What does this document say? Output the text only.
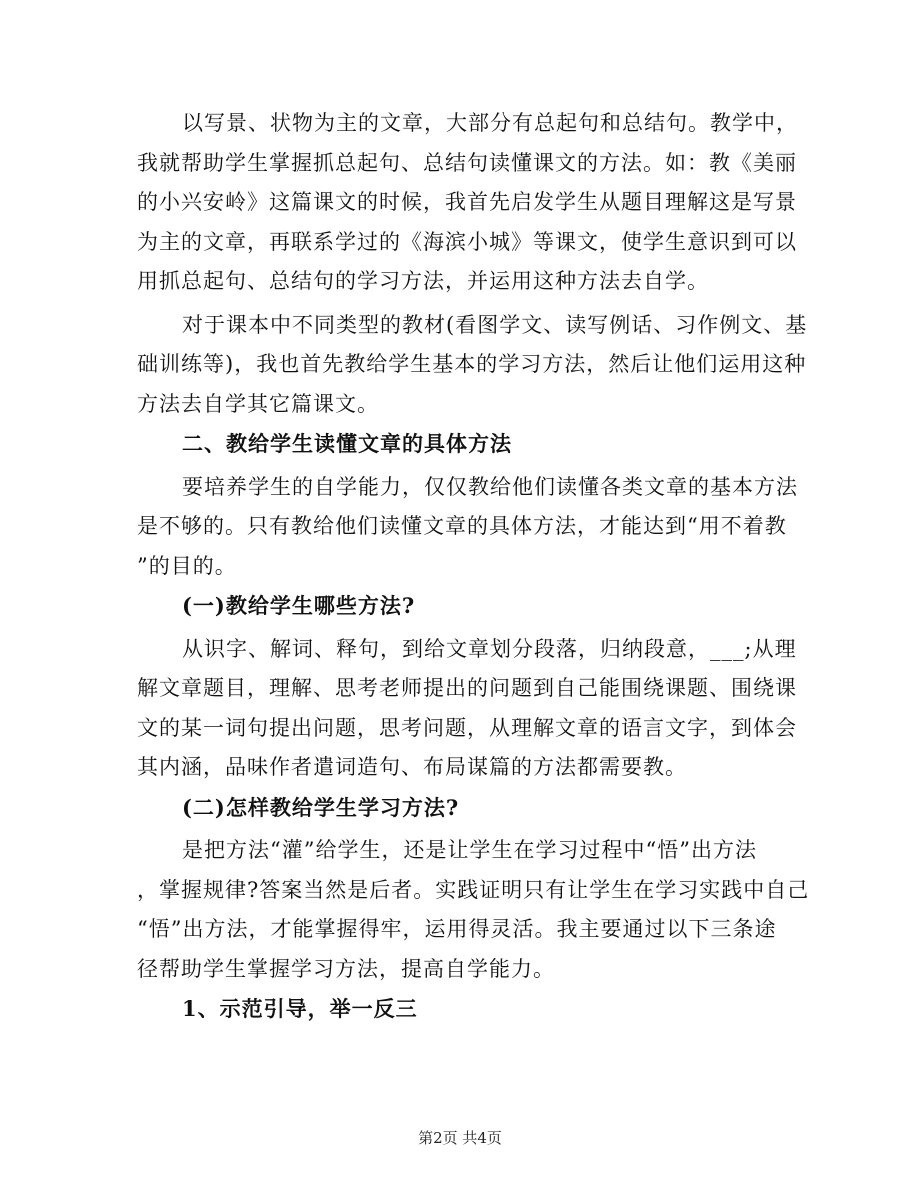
以写景、状物为主的文章，大部分有总起句和总结句。教学中，
我就帮助学生掌握抓总起句、总结句读懂课文的方法。如：教《美丽
的小兴安岭》这篇课文的时候，我首先启发学生从题目理解这是写景
为主的文章，再联系学过的《海滨小城》等课文，使学生意识到可以
用抓总起句、总结句的学习方法，并运用这种方法去自学。
对于课本中不同类型的教材(看图学文、读写例话、习作例文、基
础训练等)，我也首先教给学生基本的学习方法，然后让他们运用这种
方法去自学其它篇课文。
二、教给学生读懂文章的具体方法
要培养学生的自学能力，仅仅教给他们读懂各类文章的基本方法
是不够的。只有教给他们读懂文章的具体方法，才能达到“用不着教
”的目的。
(一)教给学生哪些方法?
从识字、解词、释句，到给文章划分段落，归纳段意，___;从理
解文章题目，理解、思考老师提出的问题到自己能围绕课题、围绕课
文的某一词句提出问题，思考问题，从理解文章的语言文字，到体会
其内涵，品味作者遣词造句、布局谋篇的方法都需要教。
(二)怎样教给学生学习方法?
是把方法“灌”给学生，还是让学生在学习过程中“悟”出方法
，掌握规律?答案当然是后者。实践证明只有让学生在学习实践中自己
“悟”出方法，才能掌握得牢，运用得灵活。我主要通过以下三条途
径帮助学生掌握学习方法，提高自学能力。
1、示范引导，举一反三
第2页 共4页
